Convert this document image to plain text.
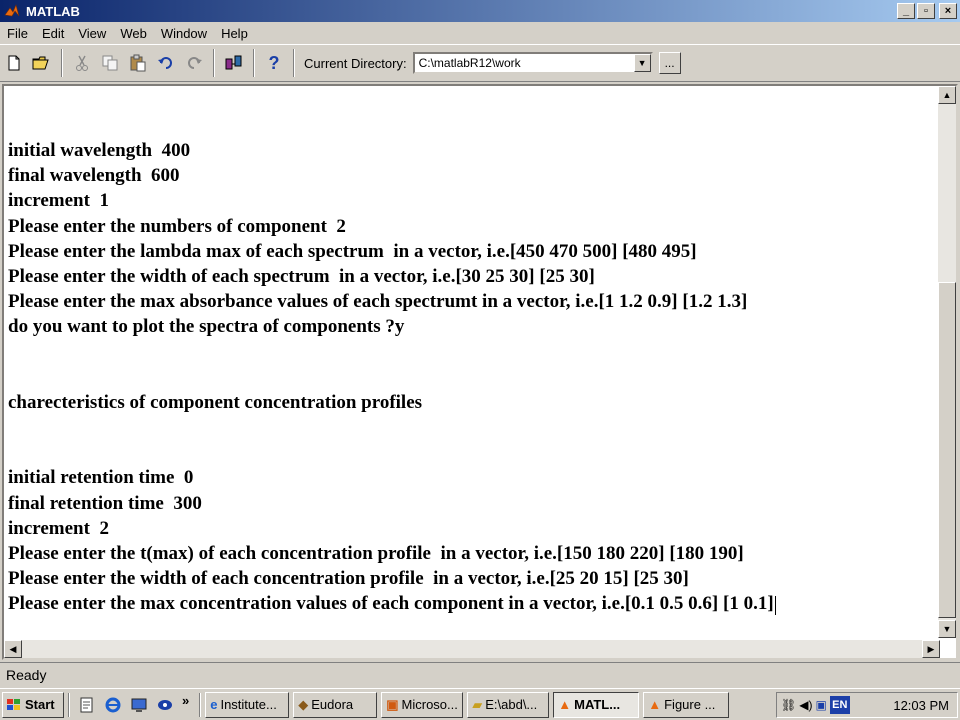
MATLAB	_	▫	×
File	Edit	View	Web	Window	Help
? Current Directory: C:\matlabR12\work	▼	...
initial wavelength  400
final wavelength  600
increment  1
Please enter the numbers of component  2
Please enter the lambda max of each spectrum  in a vector, i.e.[450 470 500] [480 495]
Please enter the width of each spectrum  in a vector, i.e.[30 25 30] [25 30]
Please enter the max absorbance values of each spectrumt in a vector, i.e.[1 1.2 0.9] [1.2 1.3]
do you want to plot the spectra of components ?y
charecteristics of component concentration profiles
initial retention time  0
final retention time  300
increment  2
Please enter the t(max) of each concentration profile  in a vector, i.e.[150 180 220] [180 190]
Please enter the width of each concentration profile  in a vector, i.e.[25 20 15] [25 30]
Please enter the max concentration values of each component in a vector, i.e.[0.1 0.5 0.6] [1 0.1]
▲
▼
◀	▶
Ready
Start	» e Institute... ◆ Eudora	▣ Microso... ▰ E:\abd\... ▲ MATL... ▲ Figure ...	⛓ ◀) ▣ EN	12:03 PM
